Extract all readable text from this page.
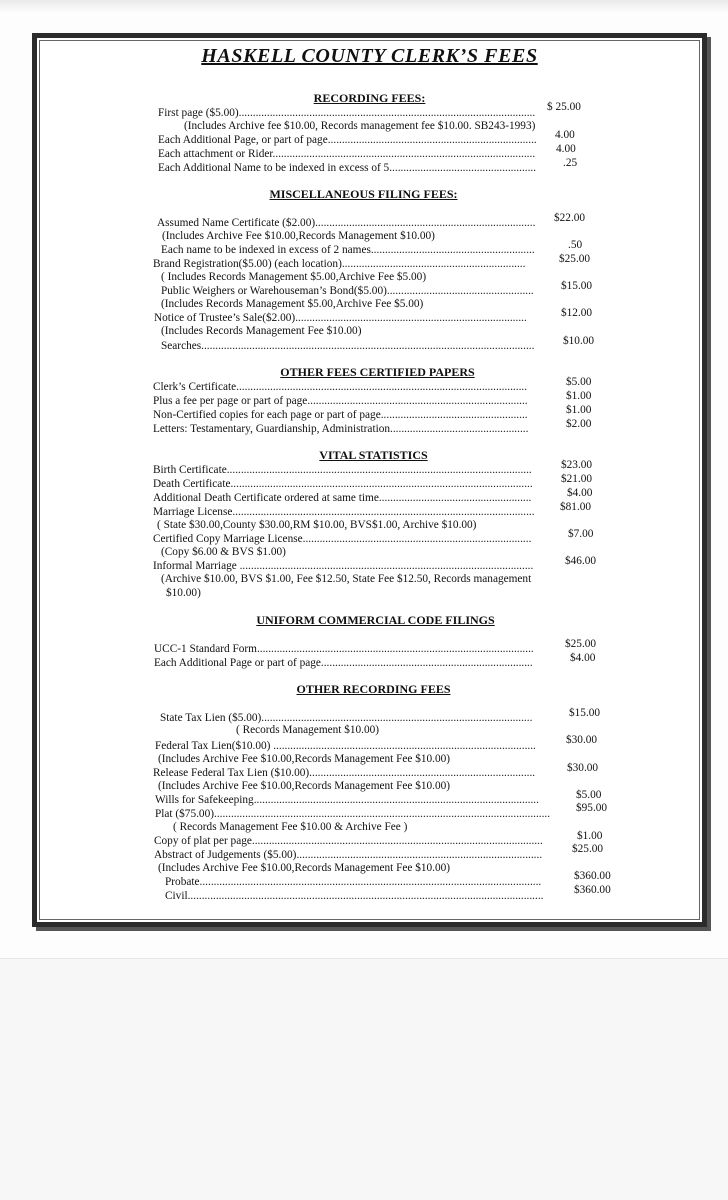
HASKELL COUNTY CLERK’S FEES
RECORDING FEES:
First page ($5.00)......................................................................................................... $ 25.00
(Includes Archive fee $10.00, Records management fee $10.00. SB243-1993)
Each Additional Page, or part of page.......................................................................... 4.00
Each attachment or Rider............................................................................................. 4.00
Each Additional Name to be indexed in excess of 5.................................................... .25
MISCELLANEOUS FILING FEES:
Assumed Name Certificate ($2.00).............................................................................. $22.00
(Includes Archive Fee $10.00,Records Management $10.00)
Each name to be indexed in excess of 2 names..........................................................	.50
Brand Registration($5.00) (each location).................................................................	$25.00
( Includes Records Management $5.00,Archive Fee $5.00)
Public Weighers or Warehouseman’s Bond($5.00).................................................... $15.00
(Includes Records Management $5.00,Archive Fee $5.00)
Notice of Trustee’s Sale($2.00)..................................................................................	$12.00
(Includes Records Management Fee $10.00)
Searches......................................................................................................................	$10.00
OTHER FEES CERTIFIED PAPERS
Clerk’s Certificate.......................................................................................................	$5.00
Plus a fee per page or part of page..............................................................................	$1.00
Non-Certified copies for each page or part of page....................................................	$1.00
Letters: Testamentary, Guardianship, Administration.................................................	$2.00
VITAL STATISTICS
Birth Certificate............................................................................................................	$23.00
Death Certificate...........................................................................................................	$21.00
Additional Death Certificate ordered at same time......................................................	$4.00
Marriage License........................................................................................................... $81.00
( State $30.00,County $30.00,RM $10.00, BVS$1.00, Archive $10.00)
Certified Copy Marriage License.................................................................................	$7.00
(Copy $6.00 & BVS $1.00)
Informal Marriage ........................................................................................................	$46.00
(Archive $10.00, BVS $1.00, Fee $12.50, State Fee $12.50, Records management
$10.00)
UNIFORM COMMERCIAL CODE FILINGS
UCC-1 Standard Form..................................................................................................	$25.00
Each Additional Page or part of page...........................................................................	$4.00
OTHER RECORDING FEES
State Tax Lien ($5.00)................................................................................................	$15.00
( Records Management $10.00)
Federal Tax Lien($10.00) .............................................................................................	$30.00
(Includes Archive Fee $10.00,Records Management Fee $10.00)
Release Federal Tax Lien ($10.00)................................................................................	$30.00
(Includes Archive Fee $10.00,Records Management Fee $10.00)
Wills for Safekeeping.....................................................................................................	$5.00
Plat ($75.00)....................................................................................................................... $95.00
( Records Management Fee $10.00 & Archive Fee )
Copy of plat per page.......................................................................................................	$1.00
Abstract of Judgements ($5.00).......................................................................................	$25.00
(Includes Archive Fee $10.00,Records Management Fee $10.00)
Probate.........................................................................................................................	$360.00
Civil..............................................................................................................................	$360.00
